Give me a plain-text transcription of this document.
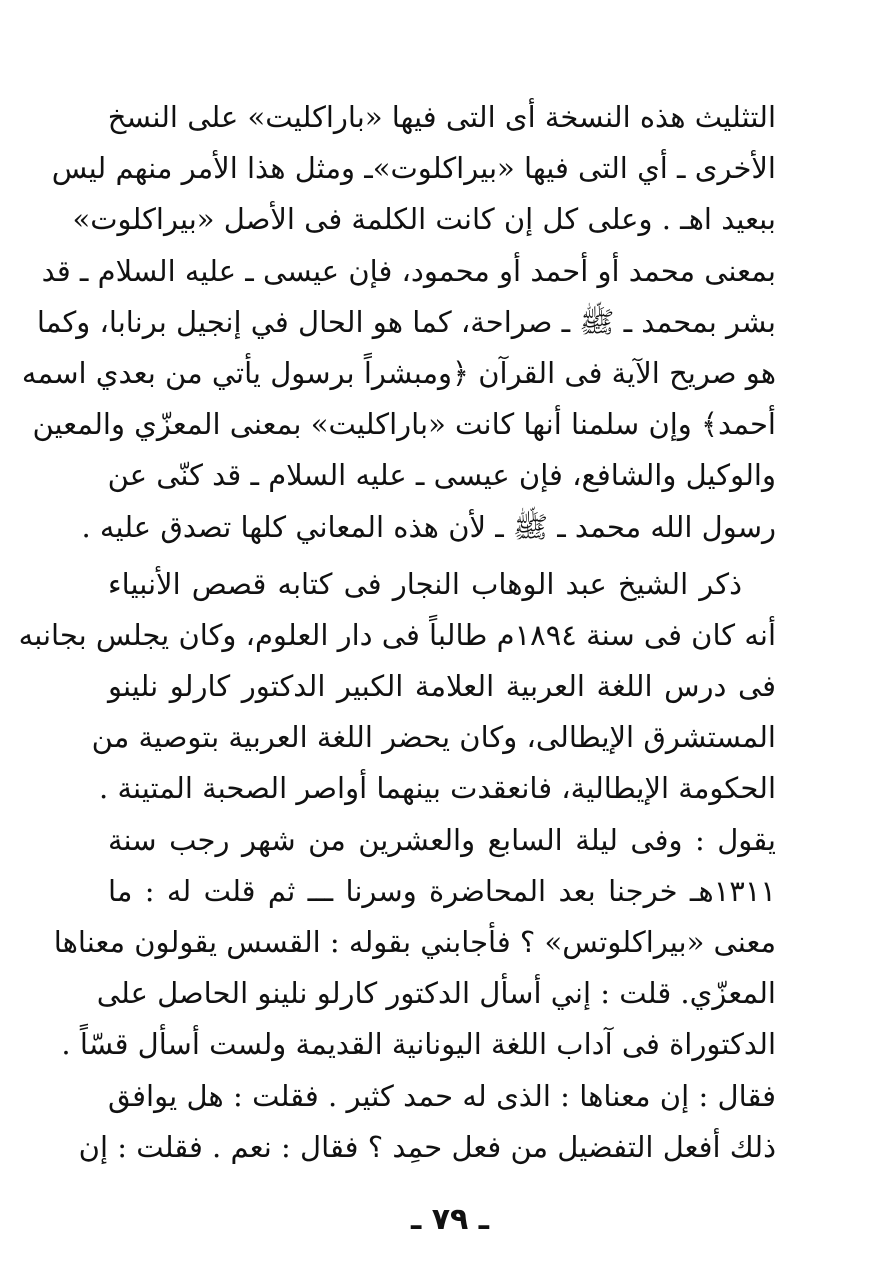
التثليث هذه النسخة أى التى فيها «باراكليت» على النسخ
الأخرى ـ أي التى فيها «بيراكلوت»ـ ومثل هذا الأمر منهم ليس
ببعيد اهـ . وعلى كل إن كانت الكلمة فى الأصل «بيراكلوت»
بمعنى محمد أو أحمد أو محمود، فإن عيسى ـ عليه السلام ـ قد
بشر بمحمد ـ ﷺ ـ صراحة، كما هو الحال في إنجيل برنابا، وكما
هو صريح الآية فى القرآن ﴿ومبشراً برسول يأتي من بعدي اسمه
أحمد﴾ وإن سلمنا أنها كانت «باراكليت» بمعنى المعزّي والمعين
والوكيل والشافع، فإن عيسى ـ عليه السلام ـ قد كنّى عن
رسول الله محمد ـ ﷺ ـ لأن هذه المعاني كلها تصدق عليه .
ذكر الشيخ عبد الوهاب النجار فى كتابه قصص الأنبياء
أنه كان فى سنة ١٨٩٤م طالباً فى دار العلوم، وكان يجلس بجانبه
فى درس اللغة العربية العلامة الكبير الدكتور كارلو نلينو
المستشرق الإيطالى، وكان يحضر اللغة العربية بتوصية من
الحكومة الإيطالية، فانعقدت بينهما أواصر الصحبة المتينة .
يقول : وفى ليلة السابع والعشرين من شهر رجب سنة
١٣١١هـ خرجنا بعد المحاضرة وسرنا ـــ ثم قلت له : ما
معنى «بيراكلوتس» ؟ فأجابني بقوله : القسس يقولون معناها
المعزّي. قلت : إني أسأل الدكتور كارلو نلينو الحاصل على
الدكتوراة فى آداب اللغة اليونانية القديمة ولست أسأل قسّاً .
فقال : إن معناها : الذى له حمد كثير . فقلت : هل يوافق
ذلك أفعل التفضيل من فعل حمِد ؟ فقال : نعم . فقلت : إن
ـ ٧٩ ـ
